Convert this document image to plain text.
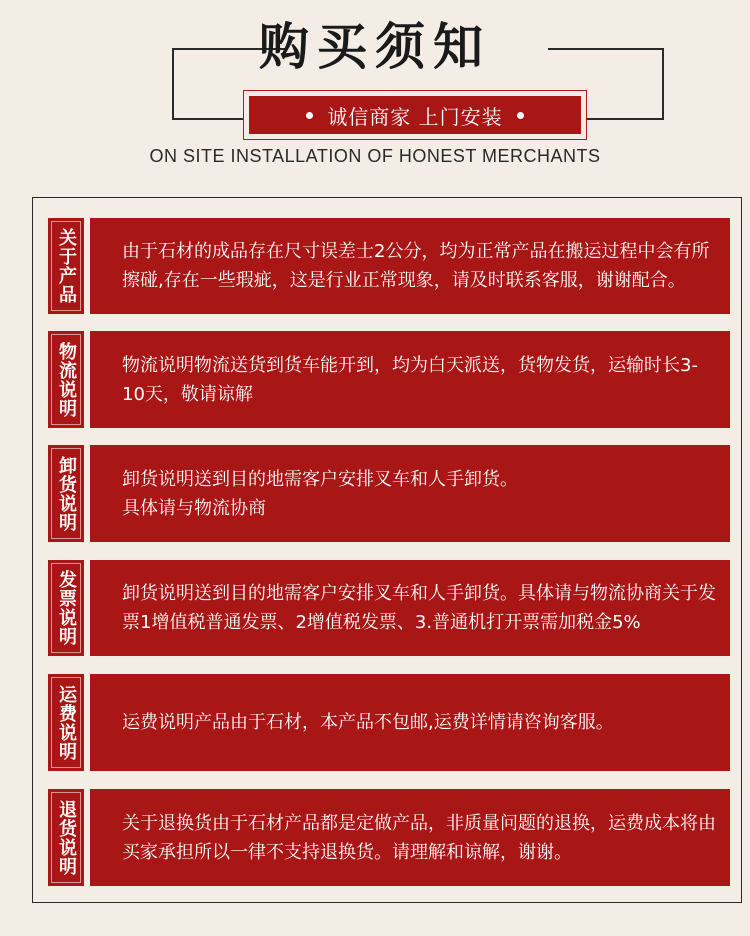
购买须知
诚信商家 上门安装
ON SITE INSTALLATION OF HONEST MERCHANTS
关于产品	由于石材的成品存在尺寸误差士2公分，均为正常产品在搬运过程中会有所擦碰,存在一些瑕疵，这是行业正常现象，请及时联系客服，谢谢配合。
物流说明	物流说明物流送货到货车能开到，均为白天派送，货物发货，运输时长3-10天，敬请谅解
卸货说明	卸货说明送到目的地需客户安排叉车和人手卸货。
具体请与物流协商
发票说明	卸货说明送到目的地需客户安排叉车和人手卸货。具体请与物流协商关于发票1增值税普通发票、2增值税发票、3.普通机打开票需加税金5%
运费说明	运费说明产品由于石材，本产品不包邮,运费详情请咨询客服。
退货说明	关于退换货由于石材产品都是定做产品，非质量问题的退换，运费成本将由买家承担所以一律不支持退换货。请理解和谅解，谢谢。
